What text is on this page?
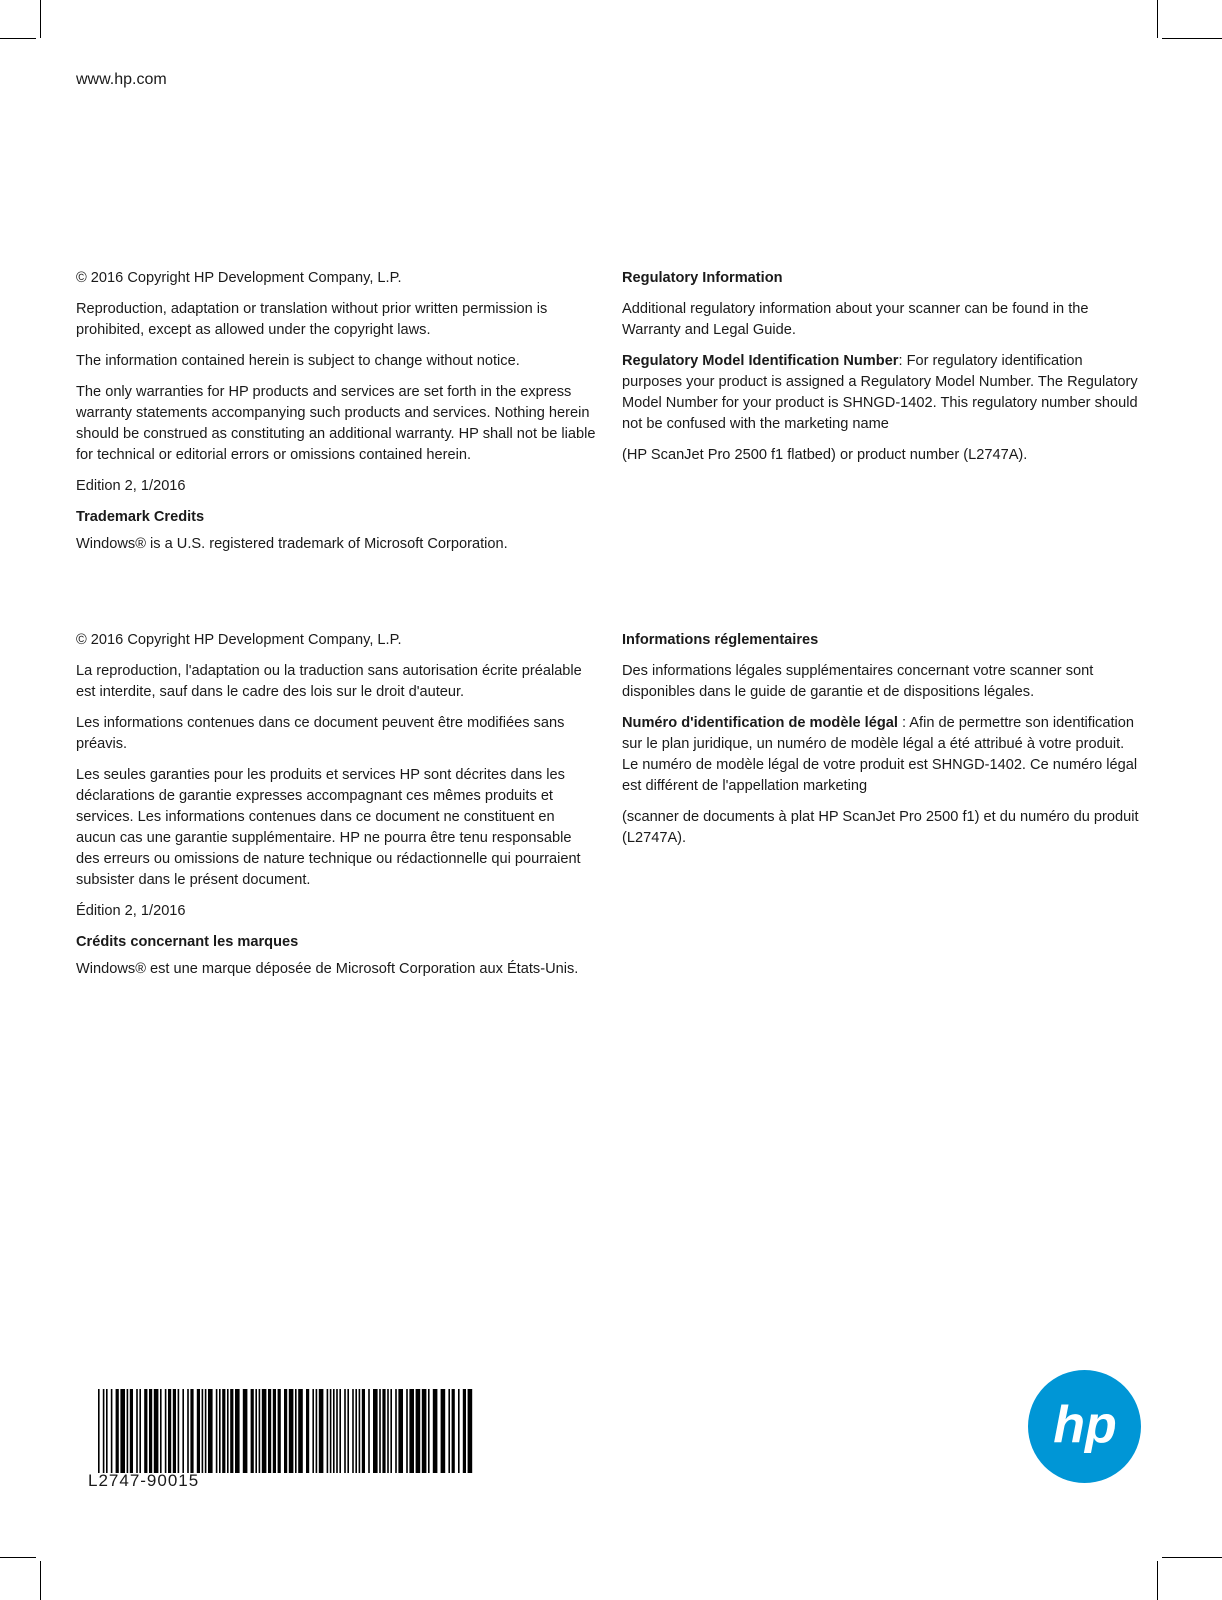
www.hp.com

© 2016 Copyright HP Development Company, L.P.

Reproduction, adaptation or translation without prior written permission is prohibited, except as allowed under the copyright laws.

The information contained herein is subject to change without notice.

The only warranties for HP products and services are set forth in the express warranty statements accompanying such products and services. Nothing herein should be construed as constituting an additional warranty. HP shall not be liable for technical or editorial errors or omissions contained herein.

Edition 2, 1/2016

Trademark Credits

Windows® is a U.S. registered trademark of Microsoft Corporation.

Regulatory Information

Additional regulatory information about your scanner can be found in the Warranty and Legal Guide.

Regulatory Model Identification Number: For regulatory identification purposes your product is assigned a Regulatory Model Number. The Regulatory Model Number for your product is SHNGD-1402. This regulatory number should not be confused with the marketing name

(HP ScanJet Pro 2500 f1 flatbed) or product number (L2747A).

© 2016 Copyright HP Development Company, L.P.

La reproduction, l'adaptation ou la traduction sans autorisation écrite préalable est interdite, sauf dans le cadre des lois sur le droit d'auteur.

Les informations contenues dans ce document peuvent être modifiées sans préavis.

Les seules garanties pour les produits et services HP sont décrites dans les déclarations de garantie expresses accompagnant ces mêmes produits et services. Les informations contenues dans ce document ne constituent en aucun cas une garantie supplémentaire. HP ne pourra être tenu responsable des erreurs ou omissions de nature technique ou rédactionnelle qui pourraient subsister dans le présent document.

Édition 2, 1/2016

Crédits concernant les marques

Windows® est une marque déposée de Microsoft Corporation aux États-Unis.

Informations réglementaires

Des informations légales supplémentaires concernant votre scanner sont disponibles dans le guide de garantie et de dispositions légales.

Numéro d'identification de modèle légal : Afin de permettre son identification sur le plan juridique, un numéro de modèle légal a été attribué à votre produit. Le numéro de modèle légal de votre produit est SHNGD-1402. Ce numéro légal est différent de l'appellation marketing

(scanner de documents à plat HP ScanJet Pro 2500 f1) et du numéro du produit (L2747A).

L2747-90015
hp
